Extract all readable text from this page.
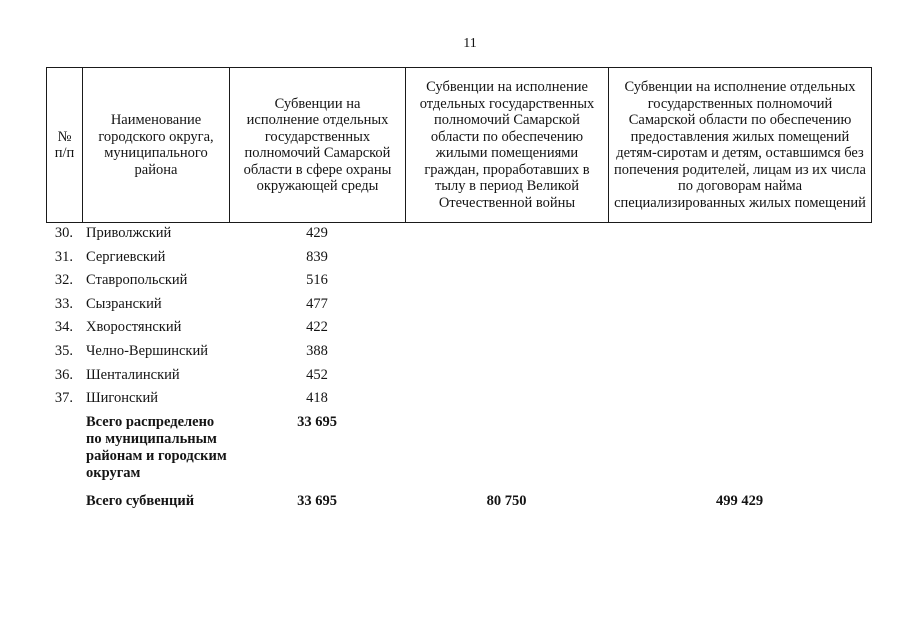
11
№ п/п	Наименование городского округа, муниципального района	Субвенции на исполнение отдельных государственных полномочий Самарской области в сфере охраны окружающей среды	Субвенции на исполнение отдельных государственных полномочий Самарской области по обеспечению жилыми помещениями граждан, проработавших в тылу в период Великой Отечественной войны	Субвенции на исполнение отдельных государственных полномочий Самарской области по обеспечению предоставления жилых помещений детям-сиротам и детям, оставшимся без попечения родителей, лицам из их числа по договорам найма специализированных жилых помещений
30.	Приволжский	429		
31.	Сергиевский	839		
32.	Ставропольский	516		
33.	Сызранский	477		
34.	Хворостянский	422		
35.	Челно-Вершинский	388		
36.	Шенталинский	452		
37.	Шигонский	418		
	Всего распределено по муниципальным районам и городским округам	33 695		
	Всего субвенций	33 695	80 750	499 429
